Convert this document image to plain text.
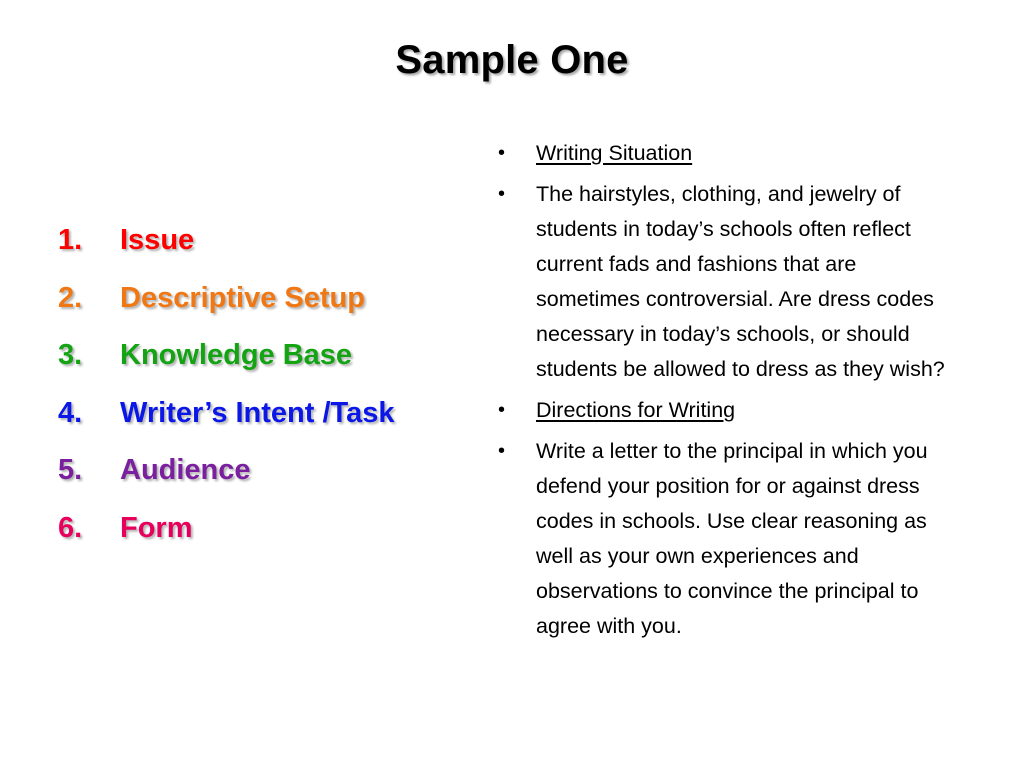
Sample One
1.	Issue
2.	Descriptive Setup
3.	Knowledge Base
4.	Writer’s Intent /Task
5.	Audience
6.	Form
•	Writing Situation
•	The hairstyles, clothing, and jewelry of students in today’s schools often reflect current fads and fashions that are sometimes controversial. Are dress codes necessary in today’s schools, or should students be allowed to dress as they wish?
•	Directions for Writing
•	Write a letter to the principal in which you defend your position for or against dress codes in schools. Use clear reasoning as well as your own experiences and observations to convince the principal to agree with you.
